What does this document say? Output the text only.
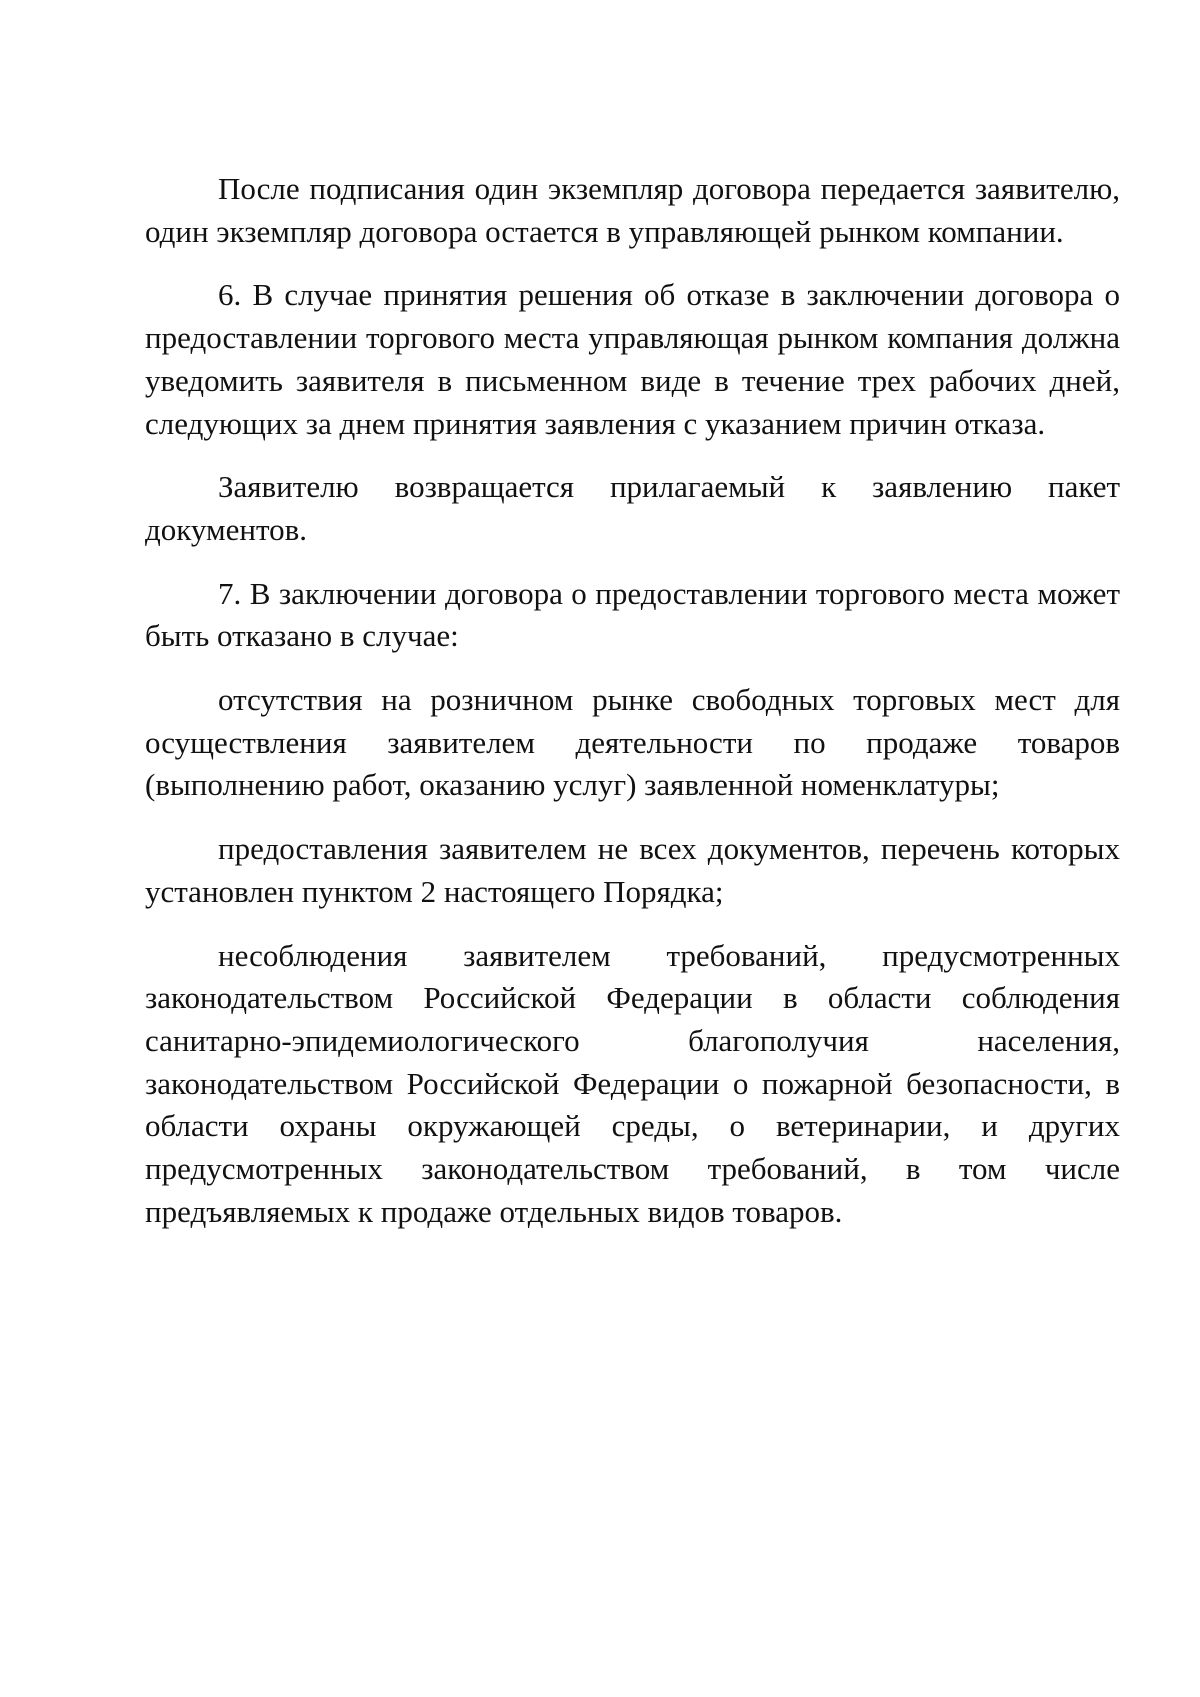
После подписания один экземпляр договора передается заявителю, один экземпляр договора остается в управляющей рынком компании.

6. В случае принятия решения об отказе в заключении договора о предоставлении торгового места управляющая рынком компания должна уведомить заявителя в письменном виде в течение трех рабочих дней, следующих за днем принятия заявления с указанием причин отказа.

Заявителю возвращается прилагаемый к заявлению пакет документов.

7. В заключении договора о предоставлении торгового места может быть отказано в случае:

отсутствия на розничном рынке свободных торговых мест для осуществления заявителем деятельности по продаже товаров (выполнению работ, оказанию услуг) заявленной номенклатуры;

предоставления заявителем не всех документов, перечень которых установлен пунктом 2 настоящего Порядка;

несоблюдения заявителем требований, предусмотренных законодательством Российской Федерации в области соблюдения санитарно-эпидемиологического благополучия населения, законодательством Российской Федерации о пожарной безопасности, в области охраны окружающей среды, о ветеринарии, и других предусмотренных законодательством требований, в том числе предъявляемых к продаже отдельных видов товаров.
